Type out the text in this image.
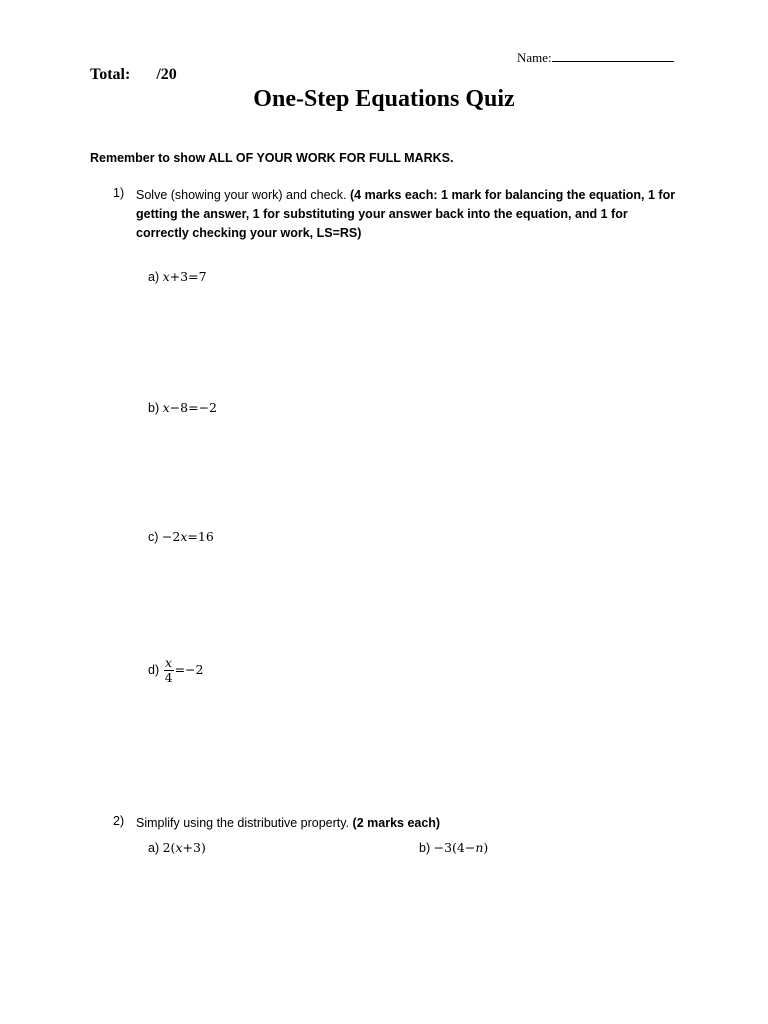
Name:
Total: /20
One-Step Equations Quiz
Remember to show ALL OF YOUR WORK FOR FULL MARKS.
1) Solve (showing your work) and check. (4 marks each: 1 mark for balancing the equation, 1 for getting the answer, 1 for substituting your answer back into the equation, and 1 for correctly checking your work, LS=RS)
a) x+3=7
b) x−8=−2
c) −2x=16
$d) \frac{x}{4} =-2$
2) Simplify using the distributive property. (2 marks each)
a) 2(x+3)	b) −3(4−n)
